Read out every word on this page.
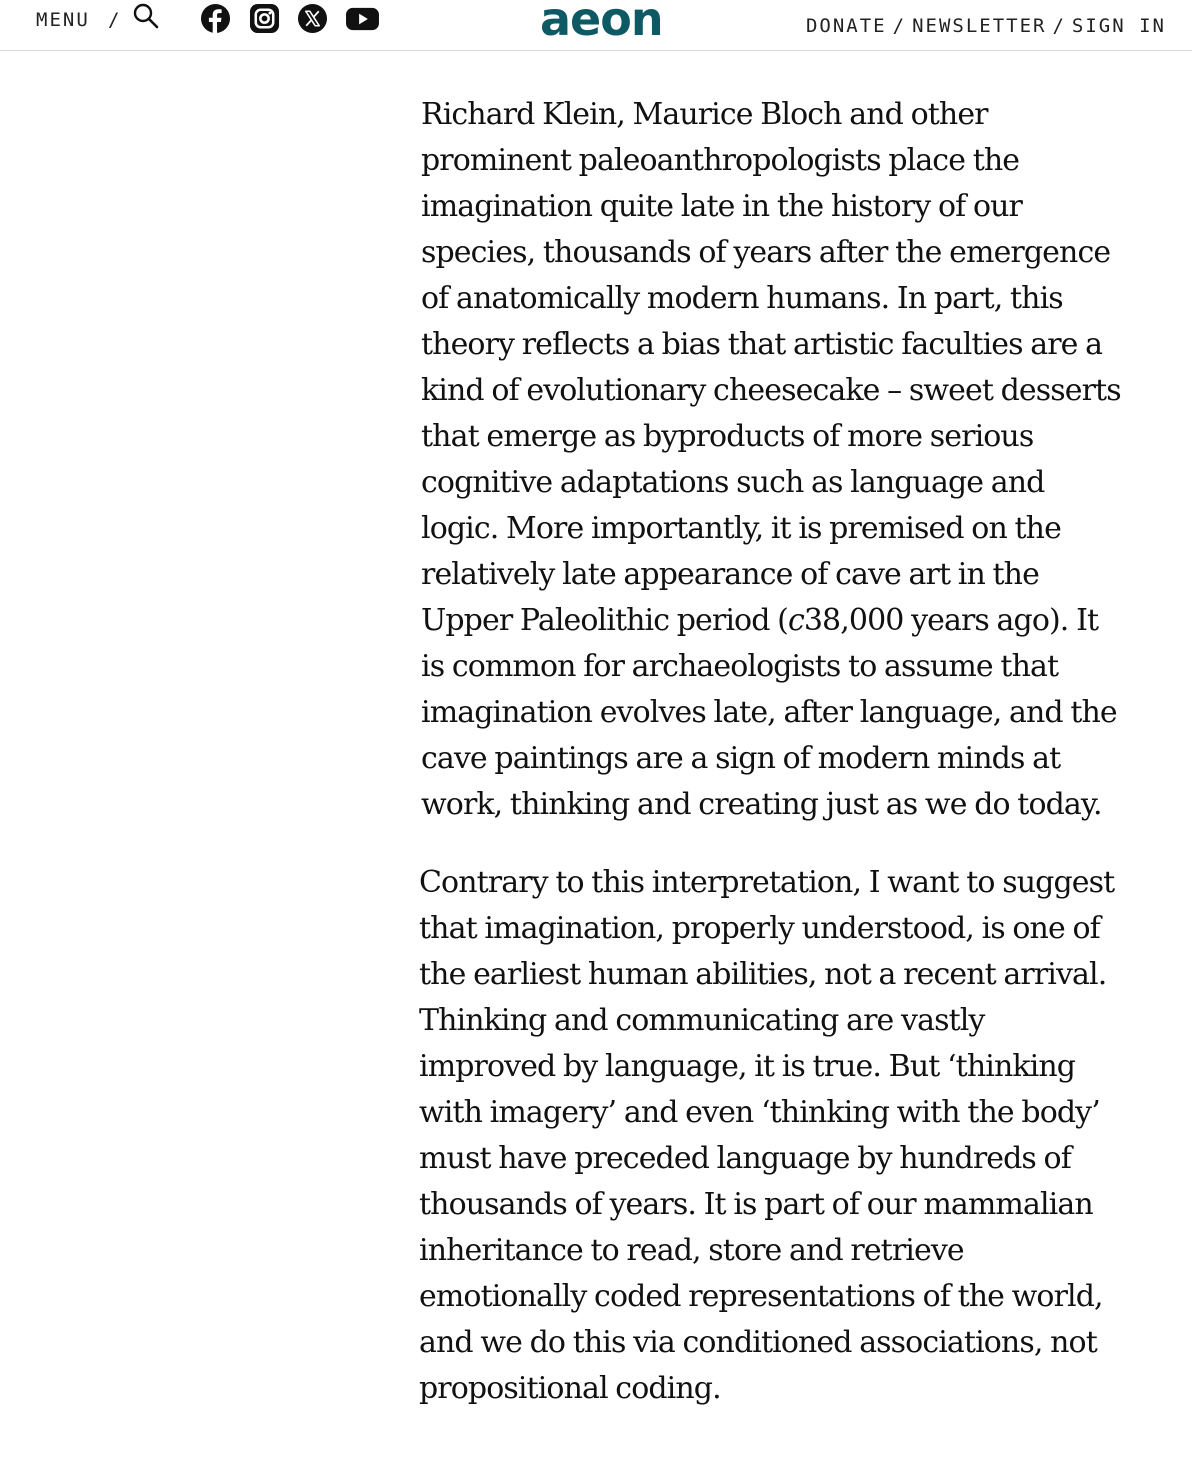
MENU /	aeon	DONATE / NEWSLETTER / SIGN IN

Richard Klein, Maurice Bloch and other prominent paleoanthropologists place the imagination quite late in the history of our species, thousands of years after the emergence of anatomically modern humans. In part, this theory reflects a bias that artistic faculties are a kind of evolutionary cheesecake – sweet desserts that emerge as byproducts of more serious cognitive adaptations such as language and logic. More importantly, it is premised on the relatively late appearance of cave art in the Upper Paleolithic period (c38,000 years ago). It is common for archaeologists to assume that imagination evolves late, after language, and the cave paintings are a sign of modern minds at work, thinking and creating just as we do today.

Contrary to this interpretation, I want to suggest that imagination, properly understood, is one of the earliest human abilities, not a recent arrival. Thinking and communicating are vastly improved by language, it is true. But ‘thinking with imagery’ and even ‘thinking with the body’ must have preceded language by hundreds of thousands of years. It is part of our mammalian inheritance to read, store and retrieve emotionally coded representations of the world, and we do this via conditioned associations, not propositional coding.
